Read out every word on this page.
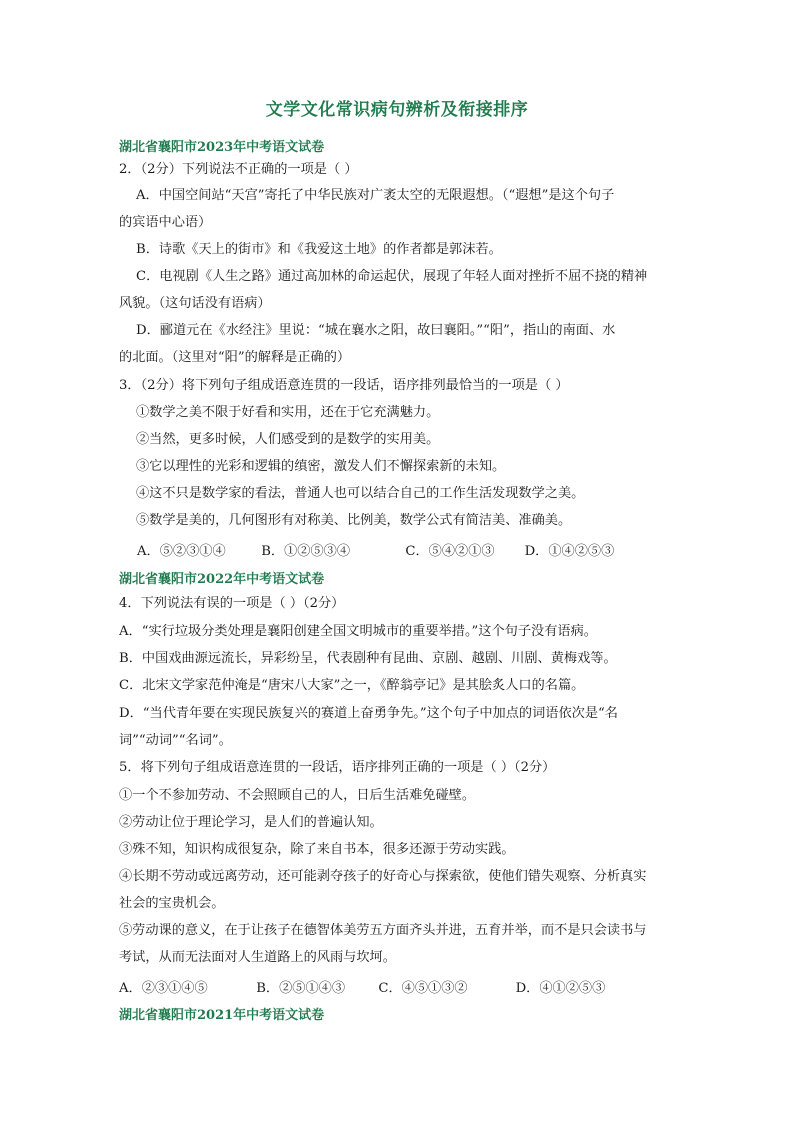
文学文化常识病句辨析及衔接排序
湖北省襄阳市2023年中考语文试卷
2．（2分）下列说法不正确的一项是（ ）
A．中国空间站“天宫”寄托了中华民族对广袤太空的无限遐想。（“遐想”是这个句子
的宾语中心语）
B．诗歌《天上的街市》和《我爱这土地》的作者都是郭沫若。
C．电视剧《人生之路》通过高加林的命运起伏，展现了年轻人面对挫折不屈不挠的精神
风貌。（这句话没有语病）
D．郦道元在《水经注》里说：“城在襄水之阳，故曰襄阳。”“阳”，指山的南面、水
的北面。（这里对“阳”的解释是正确的）
3．（2分）将下列句子组成语意连贯的一段话，语序排列最恰当的一项是（ ）
①数学之美不限于好看和实用，还在于它充满魅力。
②当然，更多时候，人们感受到的是数学的实用美。
③它以理性的光彩和逻辑的缜密，激发人们不懈探索新的未知。
④这不只是数学家的看法，普通人也可以结合自己的工作生活发现数学之美。
⑤数学是美的，几何图形有对称美、比例美，数学公式有简洁美、准确美。
A．⑤②③①④	B．①②⑤③④	C．⑤④②①③ D．①④②⑤③
湖北省襄阳市2022年中考语文试卷
4．下列说法有误的一项是（ ）（2分）
A．“实行垃圾分类处理是襄阳创建全国文明城市的重要举措。”这个句子没有语病。
B．中国戏曲源远流长，异彩纷呈，代表剧种有昆曲、京剧、越剧、川剧、黄梅戏等。
C．北宋文学家范仲淹是“唐宋八大家”之一，《醉翁亭记》是其脍炙人口的名篇。
D．“当代青年要在实现民族复兴的赛道上奋勇争先。”这个句子中加点的词语依次是“名
词”“动词”“名词”。
5．将下列句子组成语意连贯的一段话，语序排列正确的一项是（ ）（2分）
①一个不参加劳动、不会照顾自己的人，日后生活难免碰壁。
②劳动让位于理论学习，是人们的普遍认知。
③殊不知，知识构成很复杂，除了来自书本，很多还源于劳动实践。
④长期不劳动或远离劳动，还可能剥夺孩子的好奇心与探索欲，使他们错失观察、分析真实
社会的宝贵机会。
⑤劳动课的意义，在于让孩子在德智体美劳五方面齐头并进，五育并举，而不是只会读书与
考试，从而无法面对人生道路上的风雨与坎坷。
A．②③①④⑤	B．②⑤①④③	C．④⑤①③②	D．④①②⑤③
湖北省襄阳市2021年中考语文试卷
